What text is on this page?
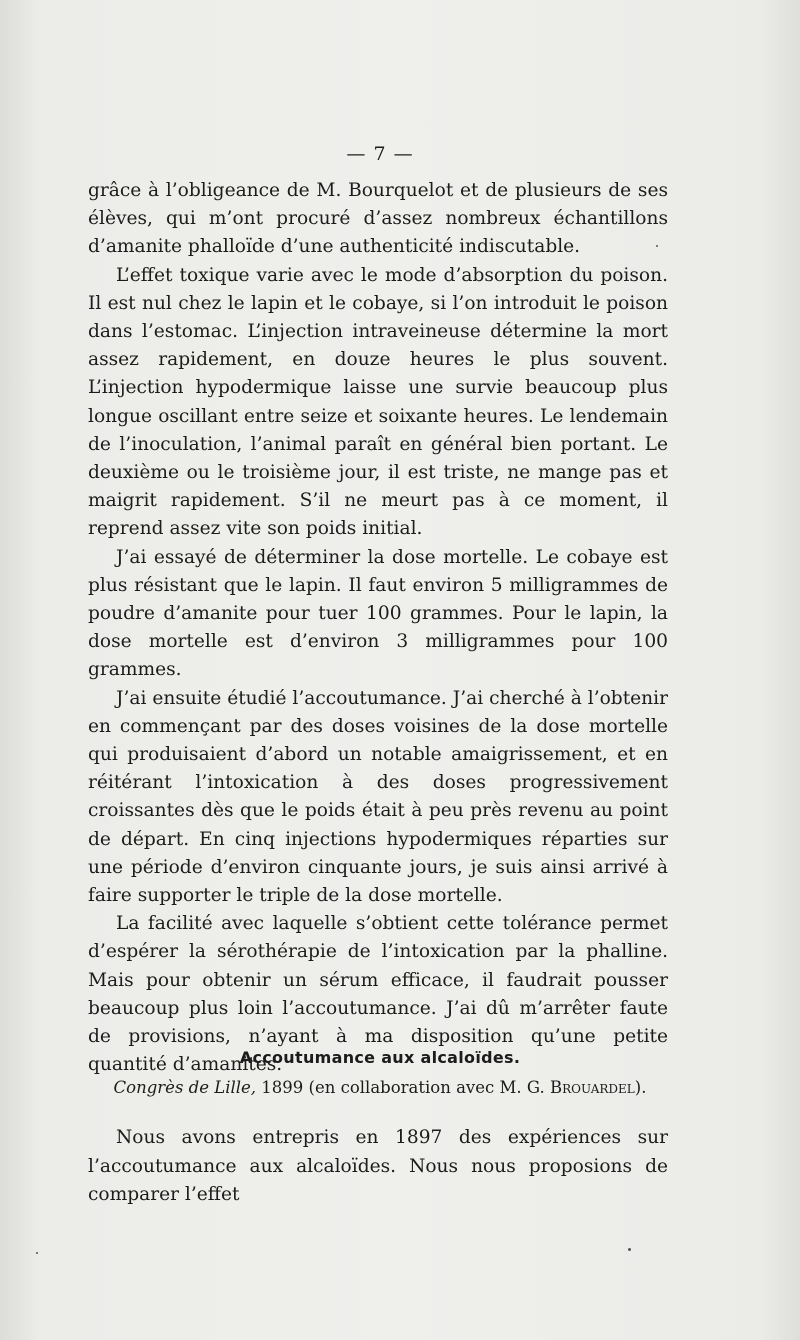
— 7 —

grâce à l’obligeance de M. Bourquelot et de plusieurs de ses élèves, qui m’ont procuré d’assez nombreux échantillons d’amanite phalloïde d’une authenticité indiscutable.

L’effet toxique varie avec le mode d’absorption du poison. Il est nul chez le lapin et le cobaye, si l’on introduit le poison dans l’estomac. L’injection intraveineuse détermine la mort assez rapidement, en douze heures le plus souvent. L’injection hypodermique laisse une survie beaucoup plus longue oscillant entre seize et soixante heures. Le lendemain de l’inoculation, l’animal paraît en général bien portant. Le deuxième ou le troisième jour, il est triste, ne mange pas et maigrit rapidement. S’il ne meurt pas à ce moment, il reprend assez vite son poids initial.

J’ai essayé de déterminer la dose mortelle. Le cobaye est plus résistant que le lapin. Il faut environ 5 milligrammes de poudre d’amanite pour tuer 100 grammes. Pour le lapin, la dose mortelle est d’environ 3 milligrammes pour 100 grammes.

J’ai ensuite étudié l’accoutumance. J’ai cherché à l’obtenir en commençant par des doses voisines de la dose mortelle qui produisaient d’abord un notable amaigrissement, et en réitérant l’intoxication à des doses progressivement croissantes dès que le poids était à peu près revenu au point de départ. En cinq injections hypodermiques réparties sur une période d’environ cinquante jours, je suis ainsi arrivé à faire supporter le triple de la dose mortelle.

La facilité avec laquelle s’obtient cette tolérance permet d’espérer la sérothérapie de l’intoxication par la phalline. Mais pour obtenir un sérum efficace, il faudrait pousser beaucoup plus loin l’accoutumance. J’ai dû m’arrêter faute de provisions, n’ayant à ma disposition qu’une petite quantité d’amanites.

Accoutumance aux alcaloïdes.
Congrès de Lille, 1899 (en collaboration avec M. G. Brouardel).

Nous avons entrepris en 1897 des expériences sur l’accoutumance aux alcaloïdes. Nous nous proposions de comparer l’effet
